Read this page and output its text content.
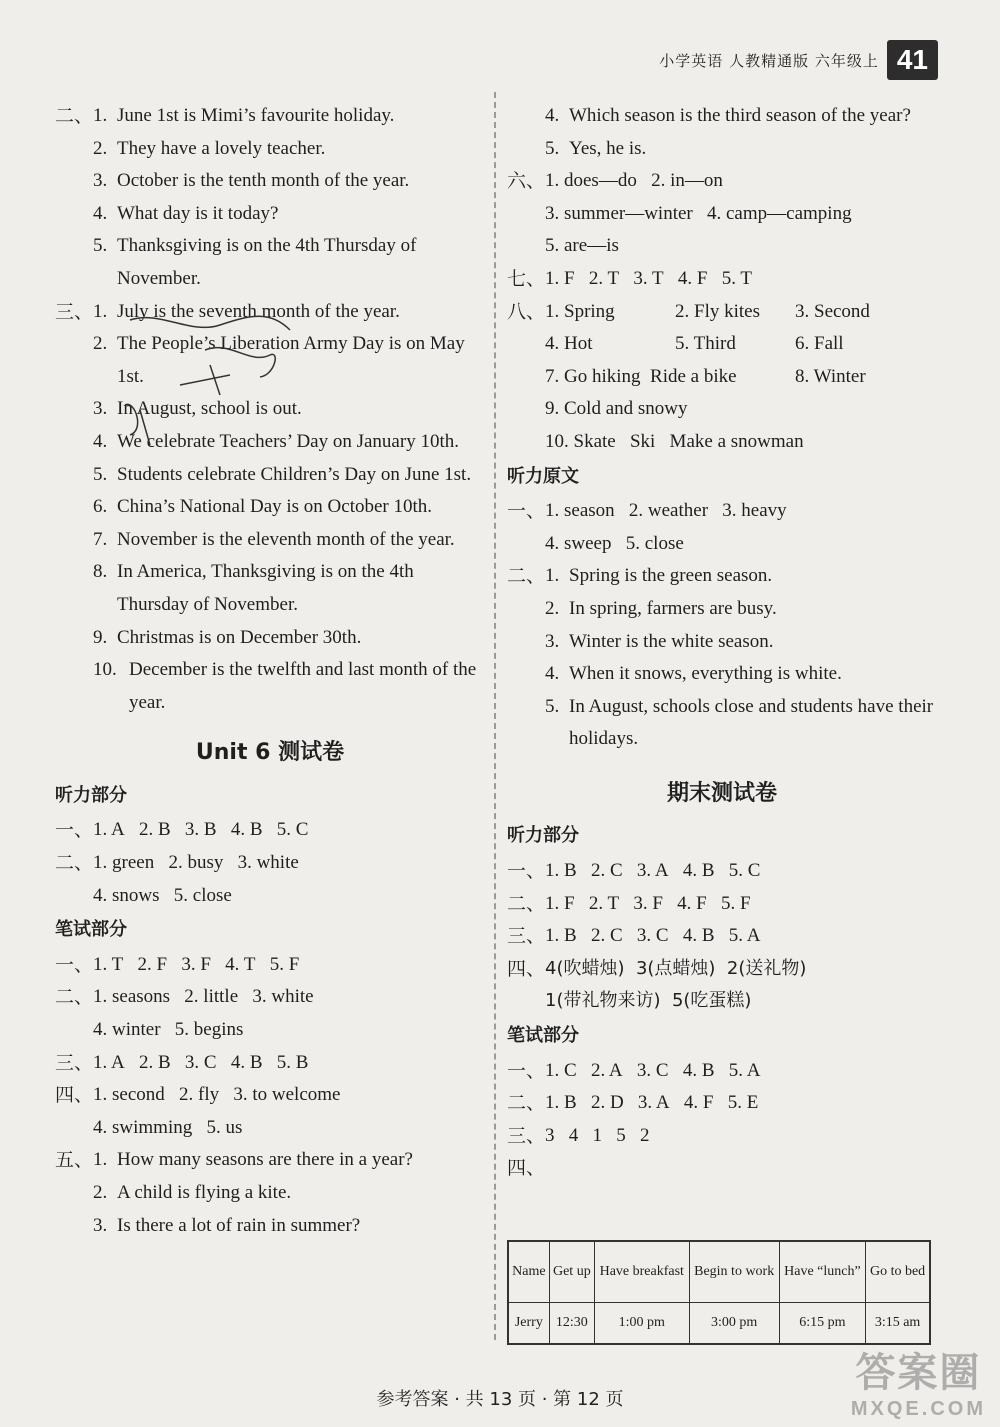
小学英语 人教精通版 六年级上 41
二、 1. June 1st is Mimi’s favourite holiday.
2. They have a lovely teacher.
3. October is the tenth month of the year.
4. What day is it today?
5. Thanksgiving is on the 4th Thursday of November.
三、 1. July is the seventh month of the year.
2. The People’s Liberation Army Day is on May 1st.
3. In August, school is out.
4. We celebrate Teachers’ Day on January 10th.
5. Students celebrate Children’s Day on June 1st.
6. China’s National Day is on October 10th.
7. November is the eleventh month of the year.
8. In America, Thanksgiving is on the 4th Thursday of November.
9. Christmas is on December 30th.
10. December is the twelfth and last month of the year.
Unit 6 测试卷
听力部分
一、 1. A 2. B 3. B 4. B 5. C
二、 1. green   2. busy   3. white
4. snows   5. close
笔试部分
一、 1. T 2. F 3. F 4. T 5. F
二、 1. seasons   2. little   3. white
4. winter   5. begins
三、 1. A 2. B 3. C 4. B 5. B
四、 1. second   2. fly   3. to welcome
4. swimming   5. us
五、 1. How many seasons are there in a year?
2. A child is flying a kite.
3. Is there a lot of rain in summer?
4. Which season is the third season of the year?
5. Yes, he is.
六、 1. does—do   2. in—on
3. summer—winter   4. camp—camping
5. are—is
七、 1. F 2. T 3. T 4. F 5. T
八、 1. Spring	2. Fly kites	3. Second
4. Hot	5. Third	6. Fall
7. Go hiking  Ride a bike	8. Winter
9. Cold and snowy
10. Skate   Ski   Make a snowman
听力原文
一、 1. season   2. weather   3. heavy
4. sweep   5. close
二、 1. Spring is the green season.
2. In spring, farmers are busy.
3. Winter is the white season.
4. When it snows, everything is white.
5. In August, schools close and students have their holidays.
期末测试卷
听力部分
一、 1. B 2. C 3. A 4. B 5. C
二、 1. F 2. T 3. F 4. F 5. F
三、 1. B 2. C 3. C 4. B 5. A
四、 4(吹蜡烛)  3(点蜡烛)  2(送礼物)
1(带礼物来访)  5(吃蛋糕)
笔试部分
一、 1. C 2. A 3. C 4. B 5. A
二、 1. B 2. D 3. A 4. F 5. E
三、 3   4   1   5   2
四、
Name	Get up	Have breakfast	Begin to work	Have “lunch”	Go to bed
Jerry	12:30	1:00 pm	3:00 pm	6:15 pm	3:15 am
参考答案 · 共 13 页 · 第 12 页
答案圈
MXQE.COM
